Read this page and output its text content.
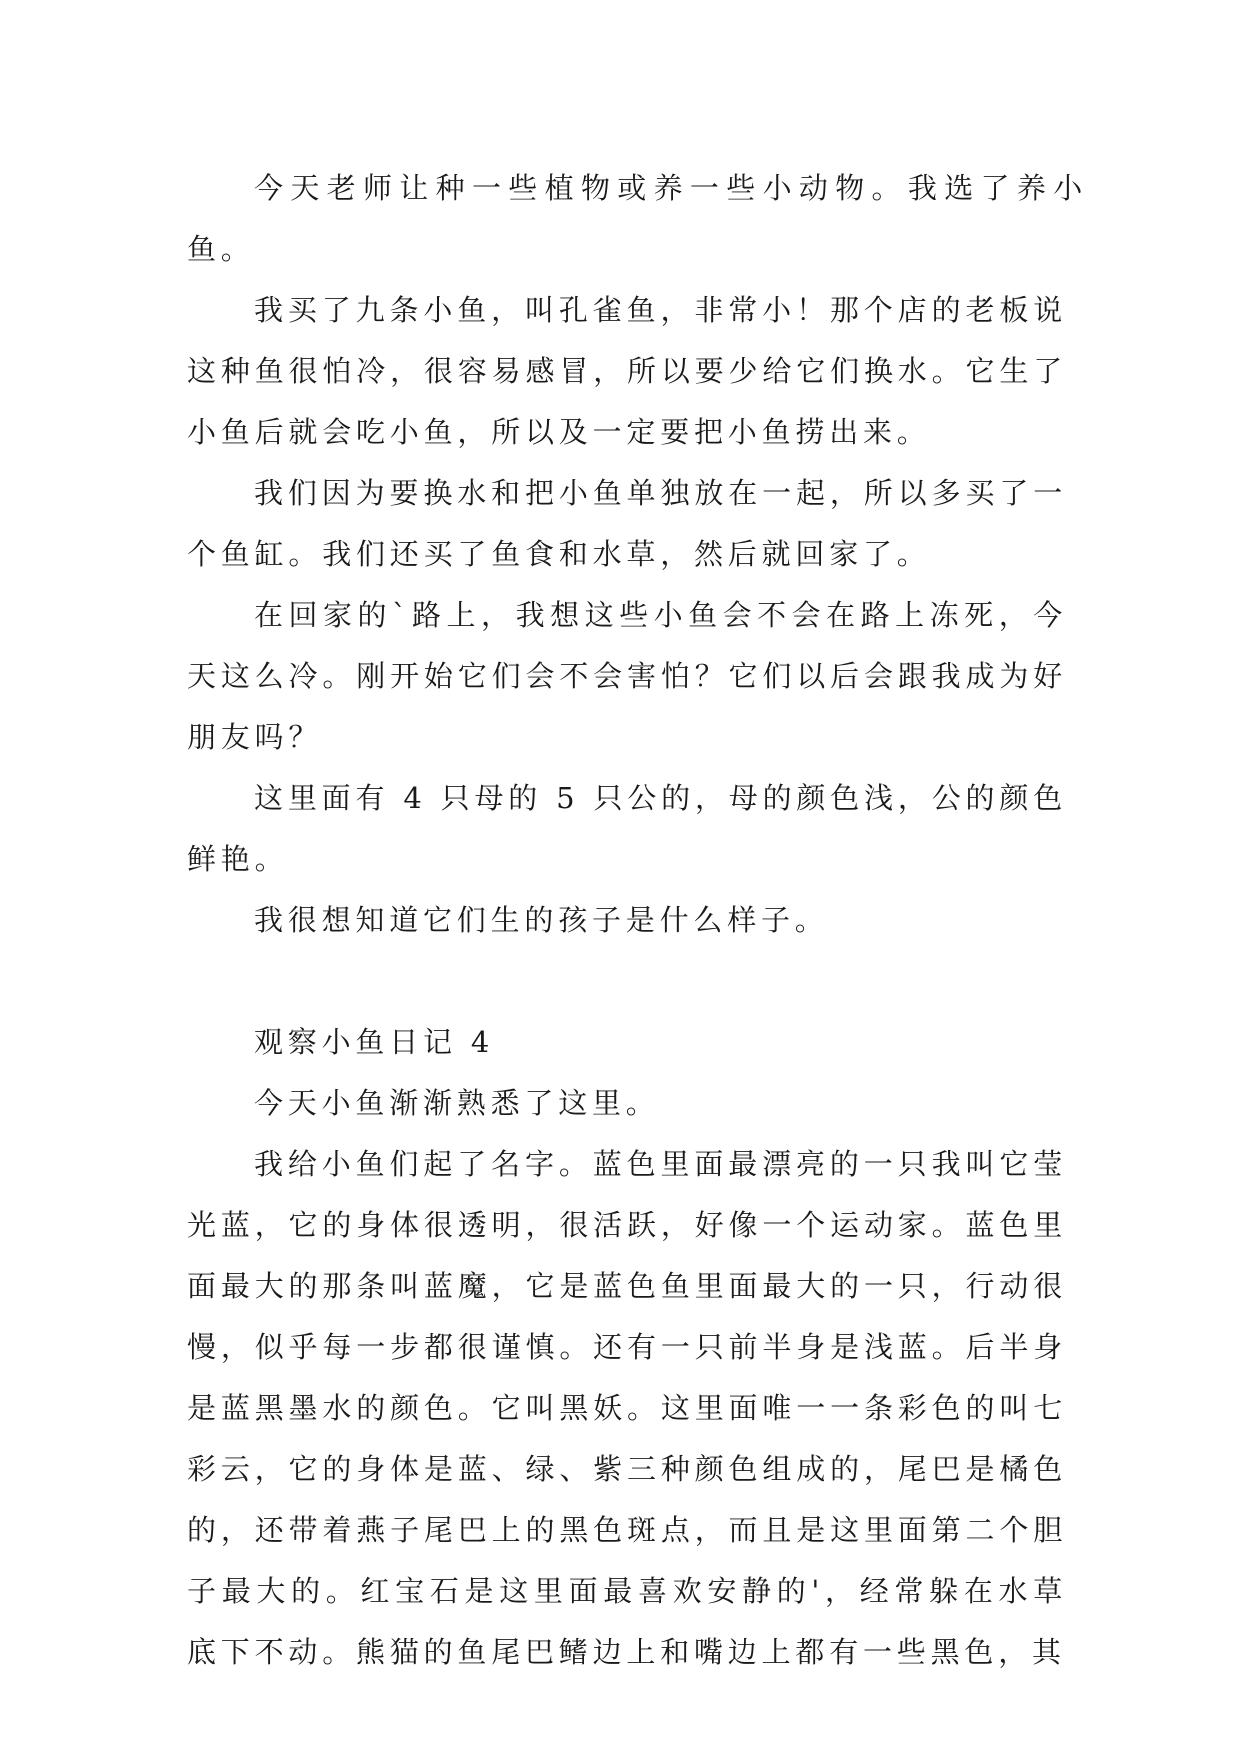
今天老师让种一些植物或养一些小动物。我选了养小鱼。

我买了九条小鱼，叫孔雀鱼，非常小！那个店的老板说这种鱼很怕冷，很容易感冒，所以要少给它们换水。它生了小鱼后就会吃小鱼，所以及一定要把小鱼捞出来。

我们因为要换水和把小鱼单独放在一起，所以多买了一个鱼缸。我们还买了鱼食和水草，然后就回家了。

在回家的`路上，我想这些小鱼会不会在路上冻死，今天这么冷。刚开始它们会不会害怕？它们以后会跟我成为好朋友吗？

这里面有 4 只母的 5 只公的，母的颜色浅，公的颜色鲜艳。

我很想知道它们生的孩子是什么样子。

观察小鱼日记 4

今天小鱼渐渐熟悉了这里。

我给小鱼们起了名字。蓝色里面最漂亮的一只我叫它莹光蓝，它的身体很透明，很活跃，好像一个运动家。蓝色里面最大的那条叫蓝魔，它是蓝色鱼里面最大的一只，行动很慢，似乎每一步都很谨慎。还有一只前半身是浅蓝。后半身是蓝黑墨水的颜色。它叫黑妖。这里面唯一一条彩色的叫七彩云，它的身体是蓝、绿、紫三种颜色组成的，尾巴是橘色的，还带着燕子尾巴上的黑色斑点，而且是这里面第二个胆子最大的。红宝石是这里面最喜欢安静的'，经常躲在水草底下不动。熊猫的鱼尾巴鳍边上和嘴边上都有一些黑色，其
